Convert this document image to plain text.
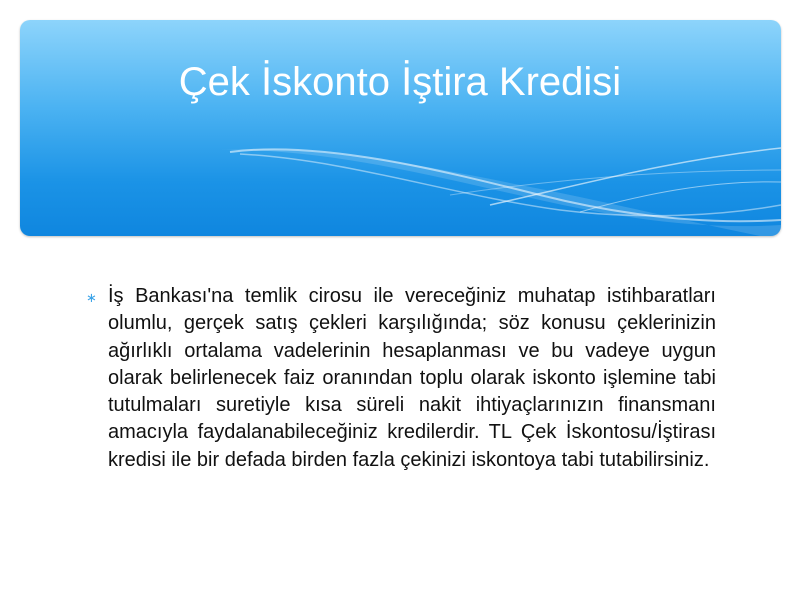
Çek İskonto İştira Kredisi
∗ İş Bankası'na temlik cirosu ile vereceğiniz muhatap istihbaratları olumlu, gerçek satış çekleri karşılığında; söz konusu çeklerinizin ağırlıklı ortalama vadelerinin hesaplanması ve bu vadeye uygun olarak belirlenecek faiz oranından toplu olarak iskonto işlemine tabi tutulmaları suretiyle kısa süreli nakit ihtiyaçlarınızın finansmanı amacıyla faydalanabileceğiniz kredilerdir. TL Çek İskontosu/İştirası kredisi ile bir defada birden fazla çekinizi iskontoya tabi tutabilirsiniz.
